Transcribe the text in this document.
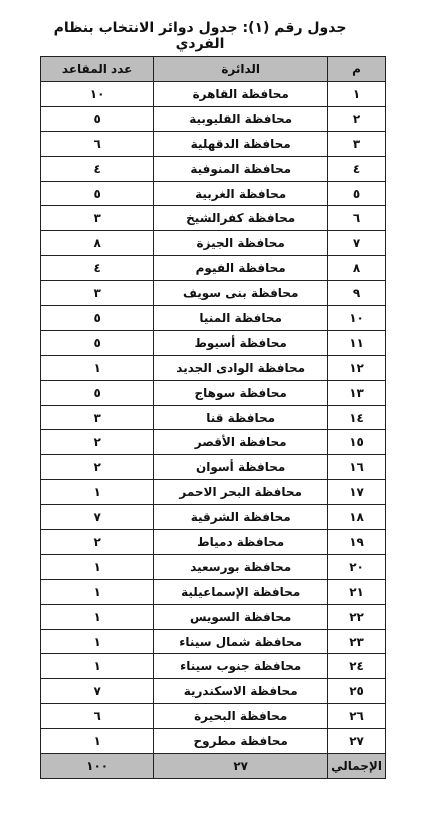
جدول رقم (١): جدول دوائر الانتخاب بنظام الفردي
م	الدائرة	عدد المقاعد
١	محافظة القاهرة	١٠
٢	محافظة القليوبية	٥
٣	محافظة الدقهلية	٦
٤	محافظة المنوفية	٤
٥	محافظة الغربية	٥
٦	محافظة كفرالشيخ	٣
٧	محافظة الجيزة	٨
٨	محافظة الفيوم	٤
٩	محافظة بنى سويف	٣
١٠	محافظة المنيا	٥
١١	محافظة أسيوط	٥
١٢	محافظة الوادى الجديد	١
١٣	محافظة سوهاج	٥
١٤	محافظة قنا	٣
١٥	محافظة الأقصر	٢
١٦	محافظة أسوان	٢
١٧	محافظة البحر الاحمر	١
١٨	محافظة الشرقية	٧
١٩	محافظة دمياط	٢
٢٠	محافظة بورسعيد	١
٢١	محافظة الإسماعيلية	١
٢٢	محافظة السويس	١
٢٣	محافظة شمال سيناء	١
٢٤	محافظة جنوب سيناء	١
٢٥	محافظة الاسكندرية	٧
٢٦	محافظة البحيرة	٦
٢٧	محافظة مطروح	١
الإجمالي	٢٧	١٠٠
